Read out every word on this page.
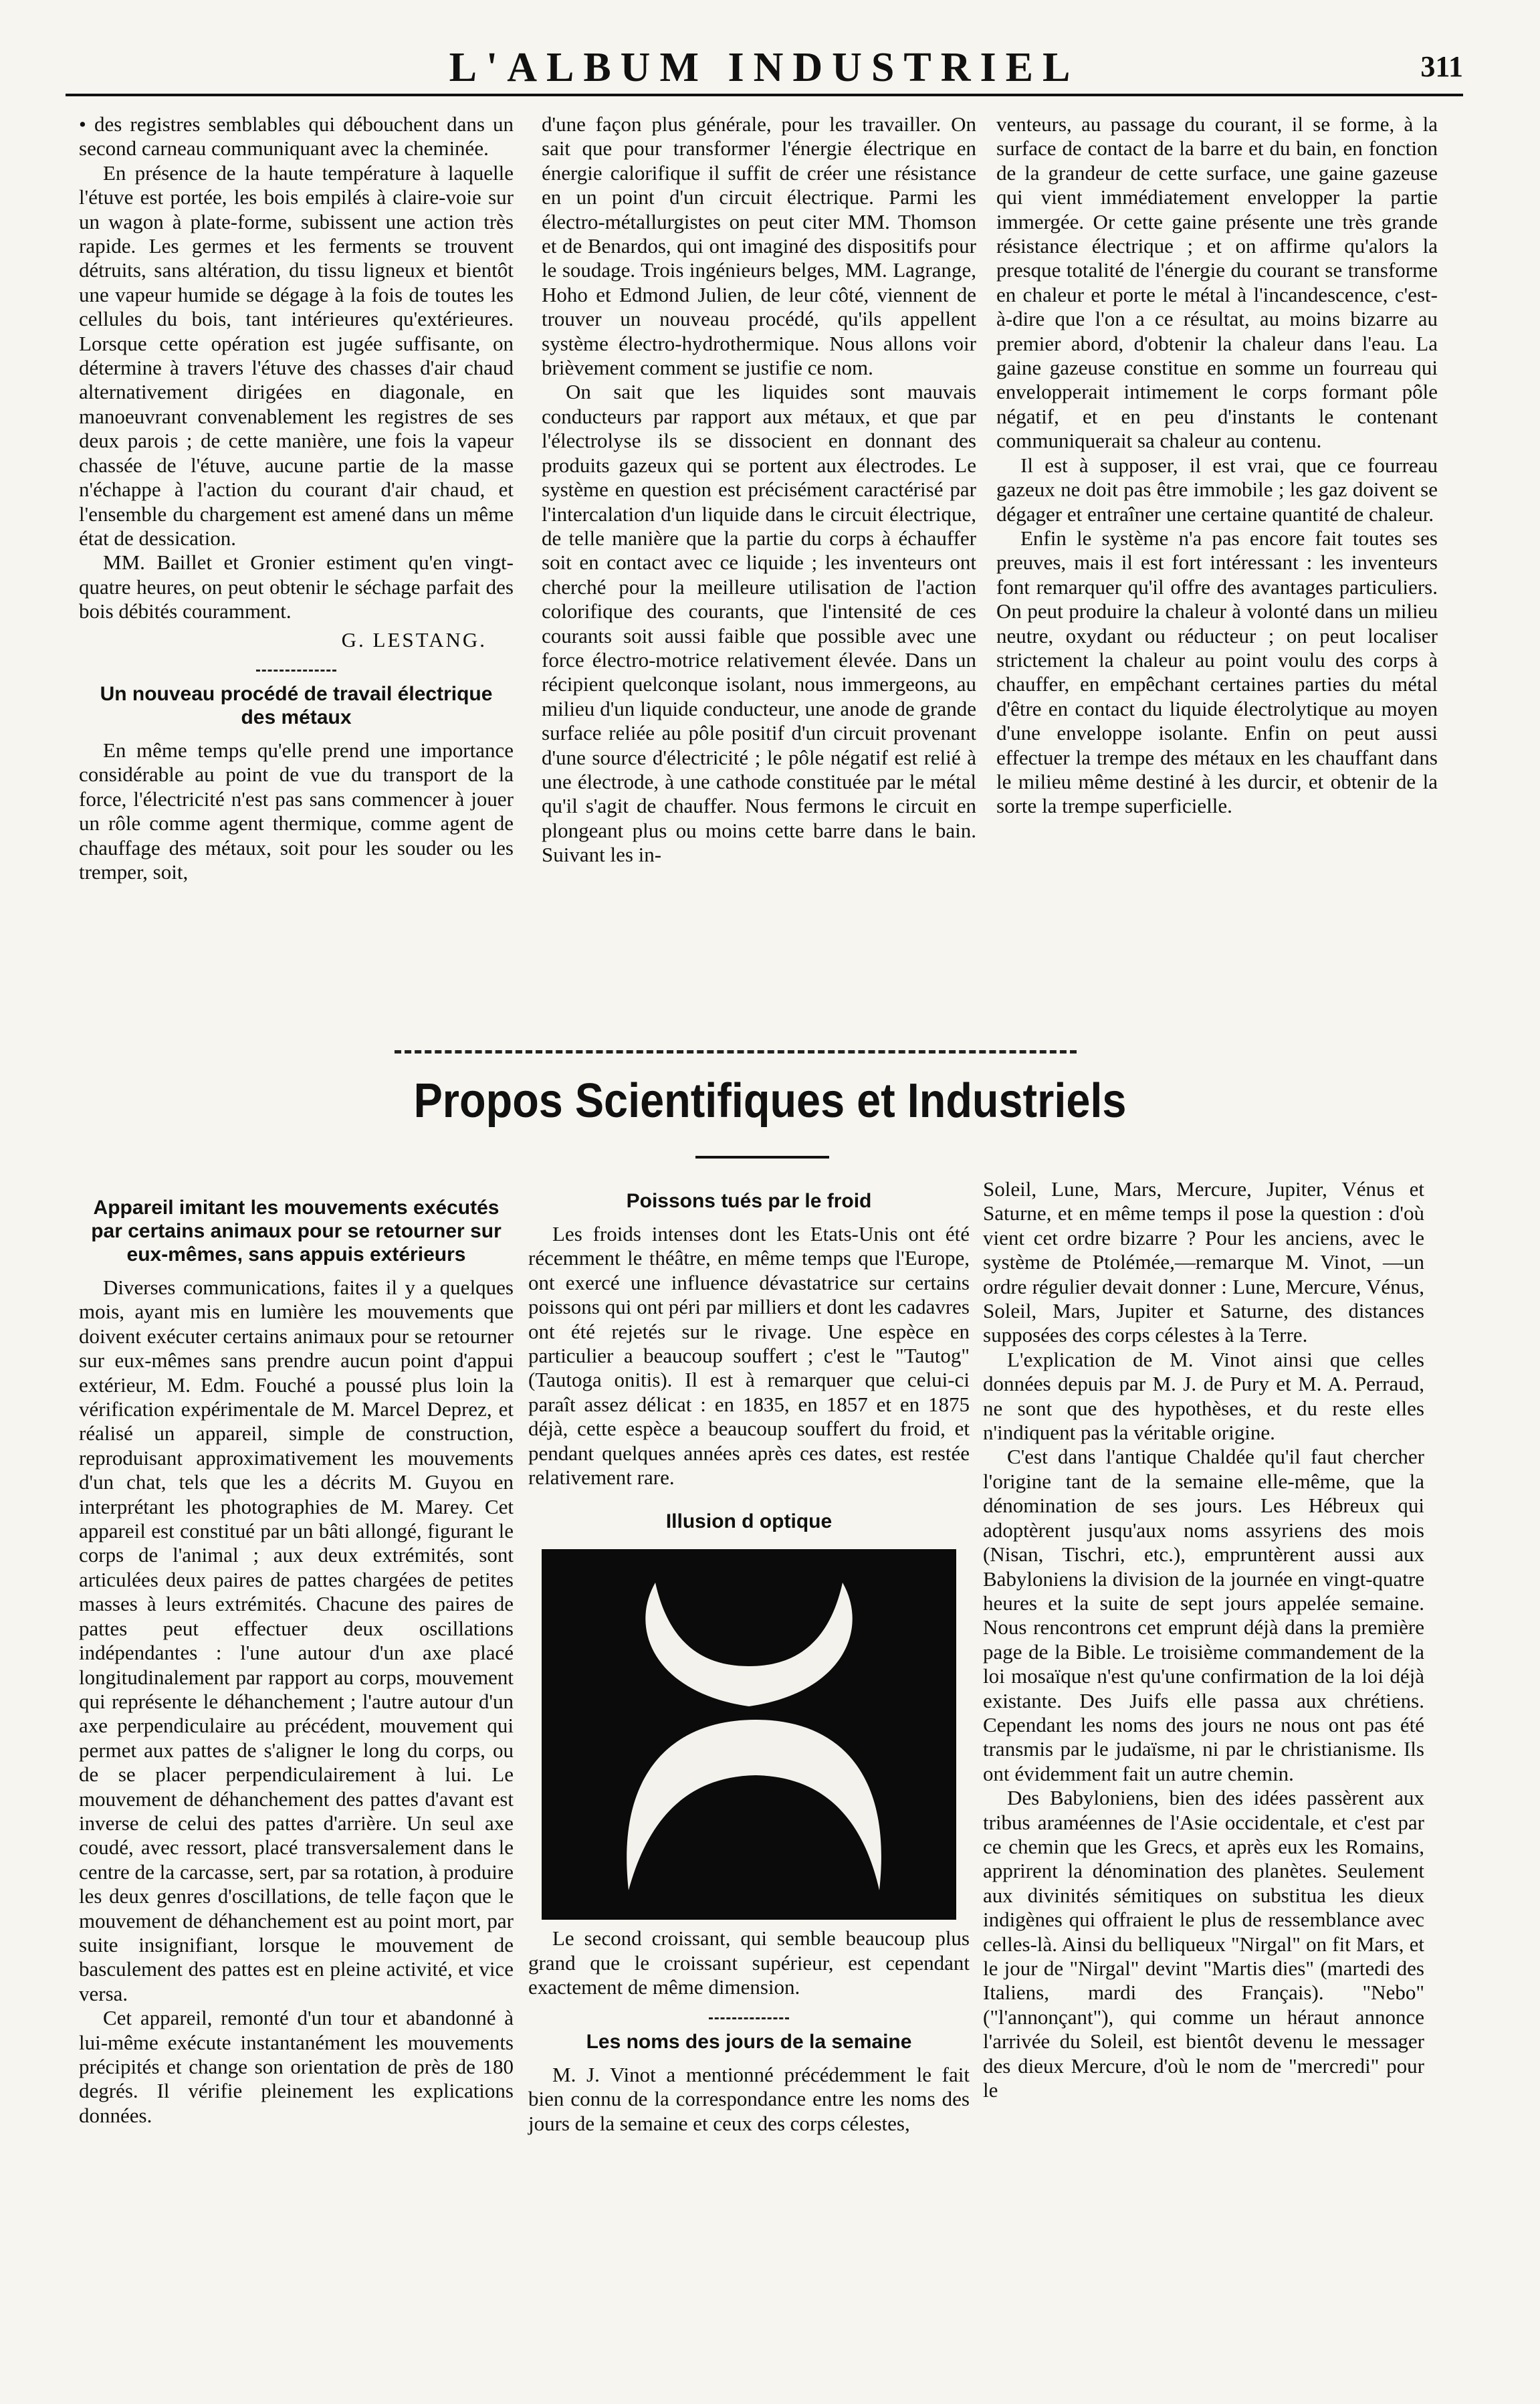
L'ALBUM INDUSTRIEL	311

• des registres semblables qui débouchent dans un second carneau communiquant avec la cheminée.

En présence de la haute température à laquelle l'étuve est portée, les bois empilés à claire-voie sur un wagon à plate-forme, subissent une action très rapide. Les germes et les ferments se trouvent détruits, sans altération, du tissu ligneux et bientôt une vapeur humide se dégage à la fois de toutes les cellules du bois, tant intérieures qu'extérieures. Lorsque cette opération est jugée suffisante, on détermine à travers l'étuve des chasses d'air chaud alternativement dirigées en diagonale, en manoeuvrant convenablement les registres de ses deux parois ; de cette manière, une fois la vapeur chassée de l'étuve, aucune partie de la masse n'échappe à l'action du courant d'air chaud, et l'ensemble du chargement est amené dans un même état de dessication.

MM. Baillet et Gronier estiment qu'en vingt-quatre heures, on peut obtenir le séchage parfait des bois débités couramment.

G. LESTANG.
Un nouveau procédé de travail électrique des métaux

En même temps qu'elle prend une importance considérable au point de vue du transport de la force, l'électricité n'est pas sans commencer à jouer un rôle comme agent thermique, comme agent de chauffage des métaux, soit pour les souder ou les tremper, soit,

d'une façon plus générale, pour les travailler. On sait que pour transformer l'énergie électrique en énergie calorifique il suffit de créer une résistance en un point d'un circuit électrique. Parmi les électro-métallurgistes on peut citer MM. Thomson et de Benardos, qui ont imaginé des dispositifs pour le soudage. Trois ingénieurs belges, MM. Lagrange, Hoho et Edmond Julien, de leur côté, viennent de trouver un nouveau procédé, qu'ils appellent système électro-hydrothermique. Nous allons voir brièvement comment se justifie ce nom.

On sait que les liquides sont mauvais conducteurs par rapport aux métaux, et que par l'électrolyse ils se dissocient en donnant des produits gazeux qui se portent aux électrodes. Le système en question est précisément caractérisé par l'intercalation d'un liquide dans le circuit électrique, de telle manière que la partie du corps à échauffer soit en contact avec ce liquide ; les inventeurs ont cherché pour la meilleure utilisation de l'action colorifique des courants, que l'intensité de ces courants soit aussi faible que possible avec une force électro-motrice relativement élevée. Dans un récipient quelconque isolant, nous immergeons, au milieu d'un liquide conducteur, une anode de grande surface reliée au pôle positif d'un circuit provenant d'une source d'électricité ; le pôle négatif est relié à une électrode, à une cathode constituée par le métal qu'il s'agit de chauffer. Nous fermons le circuit en plongeant plus ou moins cette barre dans le bain. Suivant les in-

venteurs, au passage du courant, il se forme, à la surface de contact de la barre et du bain, en fonction de la grandeur de cette surface, une gaine gazeuse qui vient immédiatement envelopper la partie immergée. Or cette gaine présente une très grande résistance électrique ; et on affirme qu'alors la presque totalité de l'énergie du courant se transforme en chaleur et porte le métal à l'incandescence, c'est-à-dire que l'on a ce résultat, au moins bizarre au premier abord, d'obtenir la chaleur dans l'eau. La gaine gazeuse constitue en somme un fourreau qui envelopperait intimement le corps formant pôle négatif, et en peu d'instants le contenant communiquerait sa chaleur au contenu.

Il est à supposer, il est vrai, que ce fourreau gazeux ne doit pas être immobile ; les gaz doivent se dégager et entraîner une certaine quantité de chaleur.

Enfin le système n'a pas encore fait toutes ses preuves, mais il est fort intéressant : les inventeurs font remarquer qu'il offre des avantages particuliers. On peut produire la chaleur à volonté dans un milieu neutre, oxydant ou réducteur ; on peut localiser strictement la chaleur au point voulu des corps à chauffer, en empêchant certaines parties du métal d'être en contact du liquide électrolytique au moyen d'une enveloppe isolante. Enfin on peut aussi effectuer la trempe des métaux en les chauffant dans le milieu même destiné à les durcir, et obtenir de la sorte la trempe superficielle.

Propos Scientifiques et Industriels
Appareil imitant les mouvements exécutés par certains animaux pour se retourner sur eux-mêmes, sans appuis extérieurs

Diverses communications, faites il y a quelques mois, ayant mis en lumière les mouvements que doivent exécuter certains animaux pour se retourner sur eux-mêmes sans prendre aucun point d'appui extérieur, M. Edm. Fouché a poussé plus loin la vérification expérimentale de M. Marcel Deprez, et réalisé un appareil, simple de construction, reproduisant approximativement les mouvements d'un chat, tels que les a décrits M. Guyou en interprétant les photographies de M. Marey. Cet appareil est constitué par un bâti allongé, figurant le corps de l'animal ; aux deux extrémités, sont articulées deux paires de pattes chargées de petites masses à leurs extrémités. Chacune des paires de pattes peut effectuer deux oscillations indépendantes : l'une autour d'un axe placé longitudinalement par rapport au corps, mouvement qui représente le déhanchement ; l'autre autour d'un axe perpendiculaire au précédent, mouvement qui permet aux pattes de s'aligner le long du corps, ou de se placer perpendiculairement à lui. Le mouvement de déhanchement des pattes d'avant est inverse de celui des pattes d'arrière. Un seul axe coudé, avec ressort, placé transversalement dans le centre de la carcasse, sert, par sa rotation, à produire les deux genres d'oscillations, de telle façon que le mouvement de déhanchement est au point mort, par suite insignifiant, lorsque le mouvement de basculement des pattes est en pleine activité, et vice versa.

Cet appareil, remonté d'un tour et abandonné à lui-même exécute instantanément les mouvements précipités et change son orientation de près de 180 degrés. Il vérifie pleinement les explications données.

Poissons tués par le froid

Les froids intenses dont les Etats-Unis ont été récemment le théâtre, en même temps que l'Europe, ont exercé une influence dévastatrice sur certains poissons qui ont péri par milliers et dont les cadavres ont été rejetés sur le rivage. Une espèce en particulier a beaucoup souffert ; c'est le "Tautog" (Tautoga onitis). Il est à remarquer que celui-ci paraît assez délicat : en 1835, en 1857 et en 1875 déjà, cette espèce a beaucoup souffert du froid, et pendant quelques années après ces dates, est restée relativement rare.

Illusion d optique

Le second croissant, qui semble beaucoup plus grand que le croissant supérieur, est cependant exactement de même dimension.

Les noms des jours de la semaine

M. J. Vinot a mentionné précédemment le fait bien connu de la correspondance entre les noms des jours de la semaine et ceux des corps célestes,

Soleil, Lune, Mars, Mercure, Jupiter, Vénus et Saturne, et en même temps il pose la question : d'où vient cet ordre bizarre ? Pour les anciens, avec le système de Ptolémée,—remarque M. Vinot, —un ordre régulier devait donner : Lune, Mercure, Vénus, Soleil, Mars, Jupiter et Saturne, des distances supposées des corps célestes à la Terre.

L'explication de M. Vinot ainsi que celles données depuis par M. J. de Pury et M. A. Perraud, ne sont que des hypothèses, et du reste elles n'indiquent pas la véritable origine.

C'est dans l'antique Chaldée qu'il faut chercher l'origine tant de la semaine elle-même, que la dénomination de ses jours. Les Hébreux qui adoptèrent jusqu'aux noms assyriens des mois (Nisan, Tischri, etc.), empruntèrent aussi aux Babyloniens la division de la journée en vingt-quatre heures et la suite de sept jours appelée semaine. Nous rencontrons cet emprunt déjà dans la première page de la Bible. Le troisième commandement de la loi mosaïque n'est qu'une confirmation de la loi déjà existante. Des Juifs elle passa aux chrétiens. Cependant les noms des jours ne nous ont pas été transmis par le judaïsme, ni par le christianisme. Ils ont évidemment fait un autre chemin.

Des Babyloniens, bien des idées passèrent aux tribus araméennes de l'Asie occidentale, et c'est par ce chemin que les Grecs, et après eux les Romains, apprirent la dénomination des planètes. Seulement aux divinités sémitiques on substitua les dieux indigènes qui offraient le plus de ressemblance avec celles-là. Ainsi du belliqueux "Nirgal" on fit Mars, et le jour de "Nirgal" devint "Martis dies" (martedi des Italiens, mardi des Français). "Nebo" ("l'annonçant"), qui comme un héraut annonce l'arrivée du Soleil, est bientôt devenu le messager des dieux Mercure, d'où le nom de "mercredi" pour le
